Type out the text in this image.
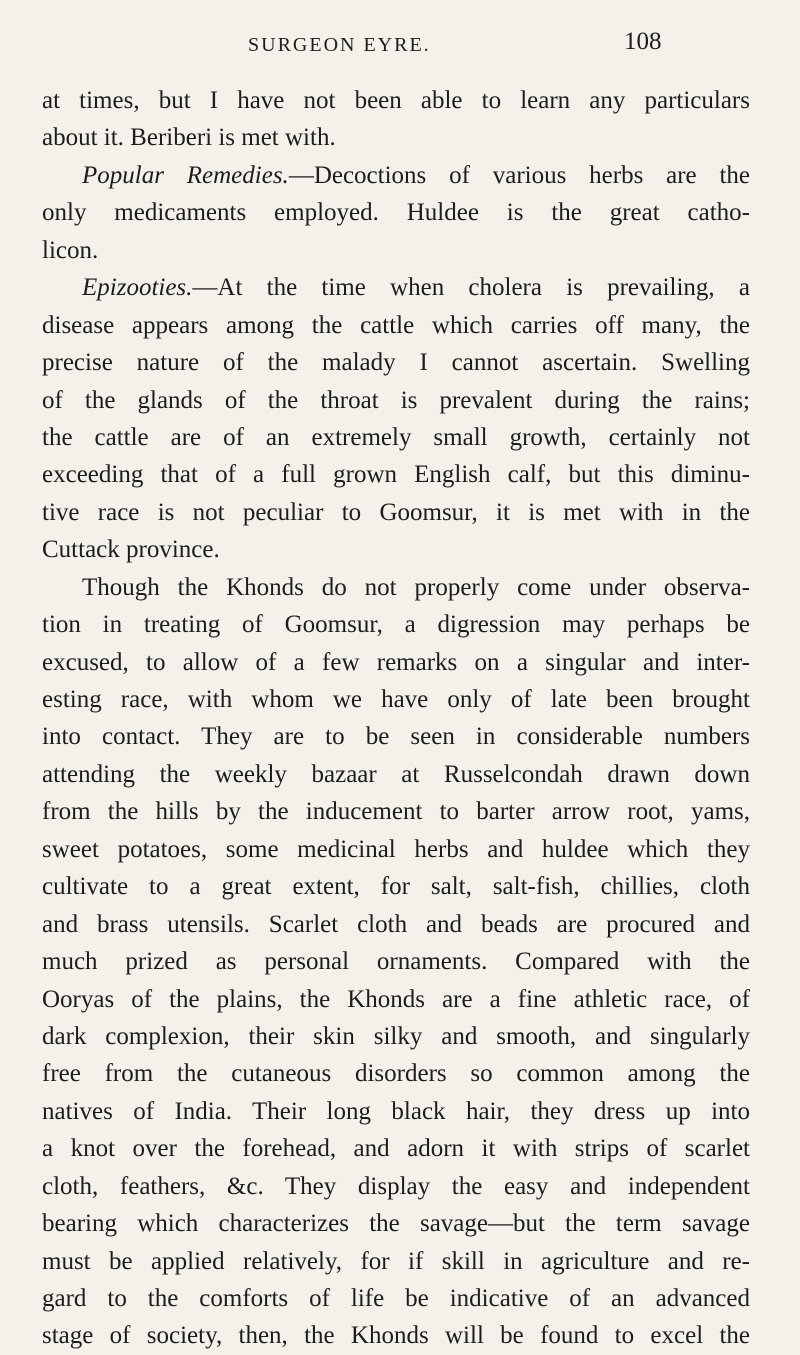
SURGEON EYRE.	108
at times, but I have not been able to learn any particulars
about it. Beriberi is met with.
Popular Remedies.—Decoctions of various herbs are the
only medicaments employed. Huldee is the great catho-
licon.
Epizooties.—At the time when cholera is prevailing, a
disease appears among the cattle which carries off many, the
precise nature of the malady I cannot ascertain. Swelling
of the glands of the throat is prevalent during the rains;
the cattle are of an extremely small growth, certainly not
exceeding that of a full grown English calf, but this diminu-
tive race is not peculiar to Goomsur, it is met with in the
Cuttack province.
Though the Khonds do not properly come under observa-
tion in treating of Goomsur, a digression may perhaps be
excused, to allow of a few remarks on a singular and inter-
esting race, with whom we have only of late been brought
into contact. They are to be seen in considerable numbers
attending the weekly bazaar at Russelcondah drawn down
from the hills by the inducement to barter arrow root, yams,
sweet potatoes, some medicinal herbs and huldee which they
cultivate to a great extent, for salt, salt-fish, chillies, cloth
and brass utensils. Scarlet cloth and beads are procured and
much prized as personal ornaments. Compared with the
Ooryas of the plains, the Khonds are a fine athletic race, of
dark complexion, their skin silky and smooth, and singularly
free from the cutaneous disorders so common among the
natives of India. Their long black hair, they dress up into
a knot over the forehead, and adorn it with strips of scarlet
cloth, feathers, &c. They display the easy and independent
bearing which characterizes the savage—but the term savage
must be applied relatively, for if skill in agriculture and re-
gard to the comforts of life be indicative of an advanced
stage of society, then, the Khonds will be found to excel the
